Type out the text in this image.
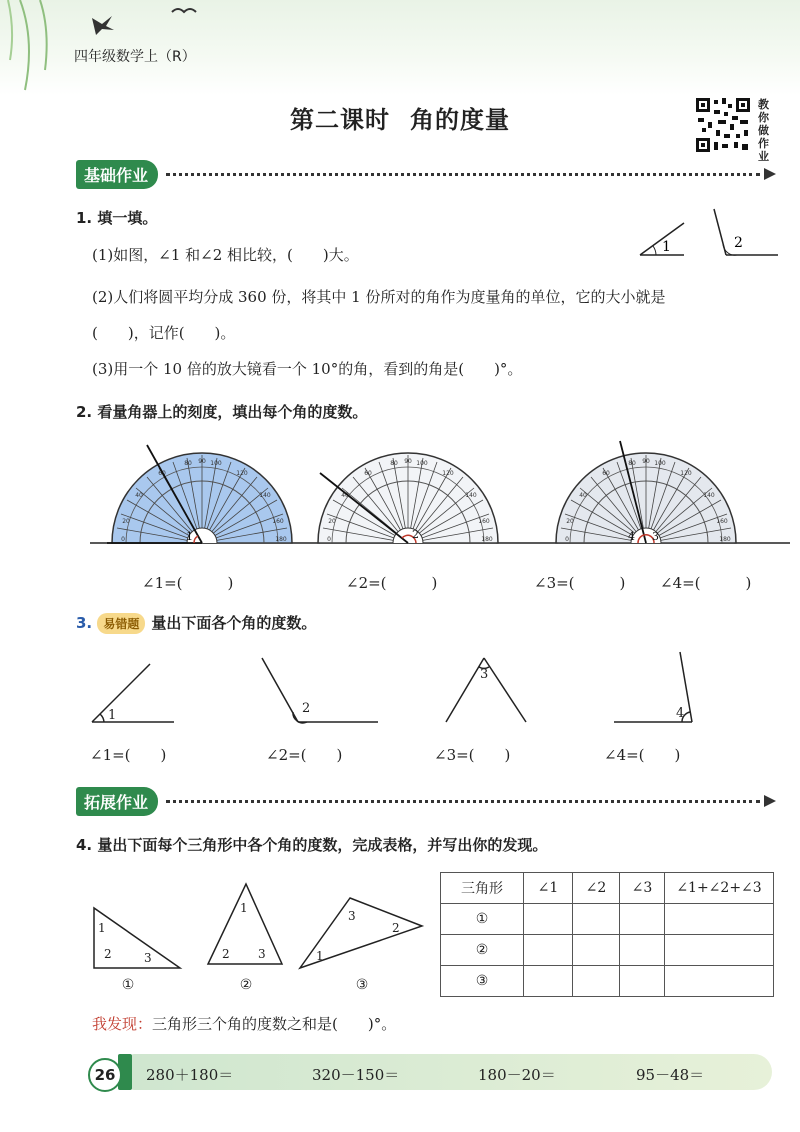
四年级数学上（R）
第二课时 角的度量
教
你
做
作
业
基础作业
1. 填一填。
(1)如图，∠1 和∠2 相比较，(　　)大。
(2)人们将圆平均分成 360 份，将其中 1 份所对的角作为度量角的单位，它的大小就是
(　　)，记作(　　)。
(3)用一个 10 倍的放大镜看一个 10°的角，看到的角是(　　)°。
1	2
2. 看量角器上的刻度，填出每个角的度数。
1	2	4 3
∠1=(　　　)	∠2=(　　　)	∠3=(　　　) ∠4=(　　　)
3. 易错题 量出下面各个角的度数。
1	2
3
4
∠1=(　　)	∠2=(　　)	∠3=(　　)	∠4=(　　)
拓展作业
4. 量出下面每个三角形中各个角的度数，完成表格，并写出你的发现。
1
2	3
1
2 3
3
2
1
①	②	③
三角形	∠1	∠2	∠3	∠1+∠2+∠3
①				
②				
③				
我发现：三角形三个角的度数之和是(　　)°。
26	280＋180＝	320－150＝	180－20＝	95－48＝
